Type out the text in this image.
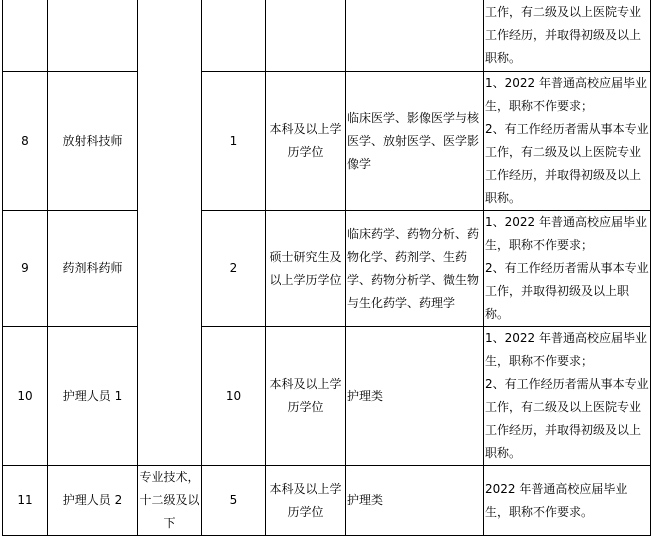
						工作，有二级及以上医院专业工作经历，并取得初级及以上职称。
8	放射科技师		1	本科及以上学历学位	临床医学、影像医学与核医学、放射医学、医学影像学	1、2022 年普通高校应届毕业生，职称不作要求；
2、有工作经历者需从事本专业工作，有二级及以上医院专业工作经历，并取得初级及以上职称。
9	药剂科药师		2	硕士研究生及以上学历学位	临床药学、药物分析、药物化学、药剂学、生药学、药物分析学、微生物与生化药学、药理学	1、2022 年普通高校应届毕业生，职称不作要求；
2、有工作经历者需从事本专业工作，并取得初级及以上职称。
10	护理人员 1		10	本科及以上学历学位	护理类	1、2022 年普通高校应届毕业生，职称不作要求；
2、有工作经历者需从事本专业工作，有二级及以上医院专业工作经历，并取得初级及以上职称。
11	护理人员 2	专业技术，十二级及以下	5	本科及以上学历学位	护理类	2022 年普通高校应届毕业生，职称不作要求。
